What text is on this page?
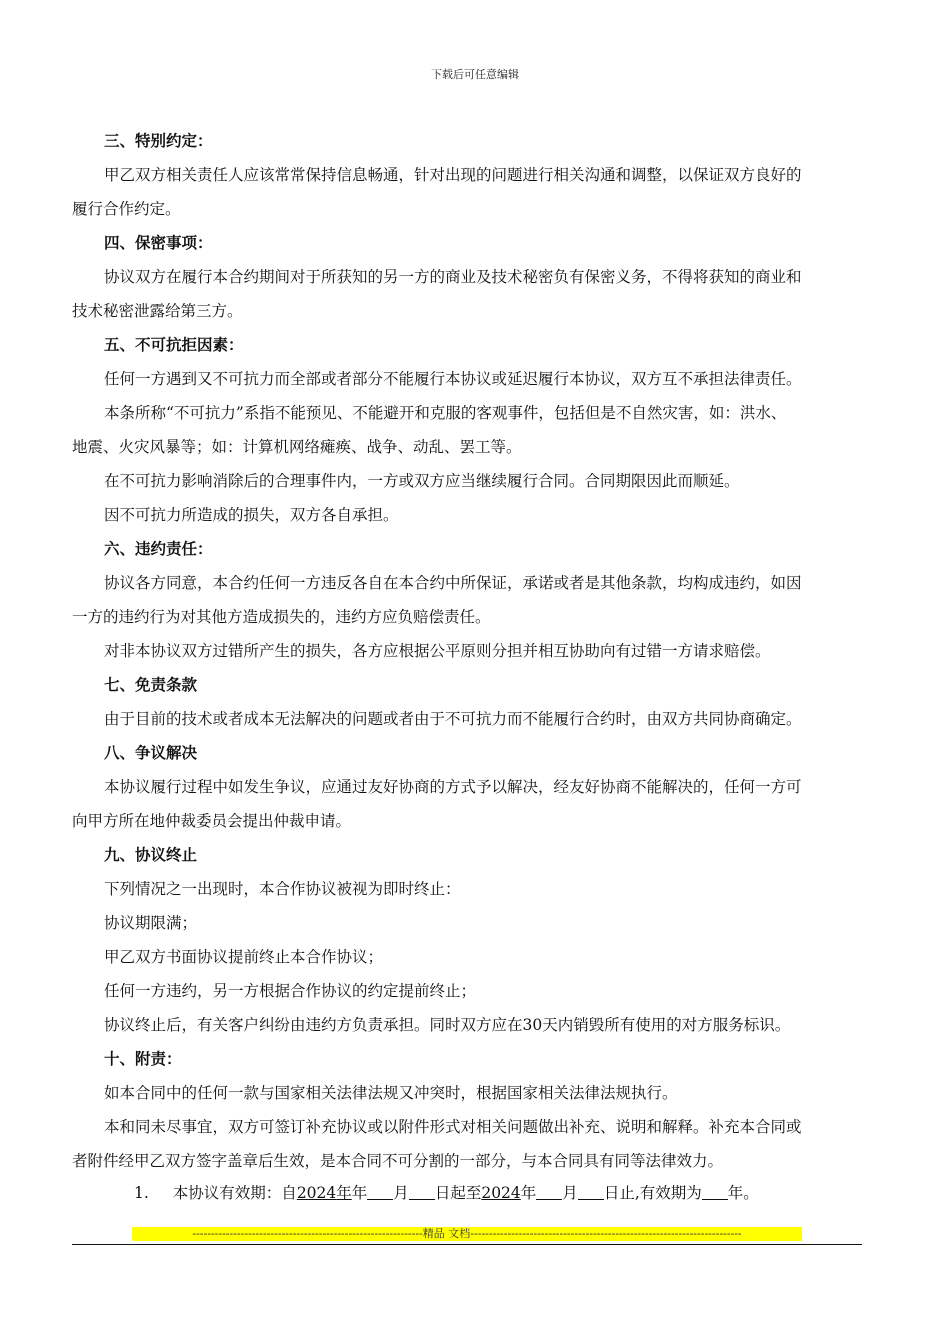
下载后可任意编辑
三、特别约定：
甲乙双方相关责任人应该常常保持信息畅通，针对出现的问题进行相关沟通和调整，以保证双方良好的
履行合作约定。
四、保密事项：
协议双方在履行本合约期间对于所获知的另一方的商业及技术秘密负有保密义务，不得将获知的商业和
技术秘密泄露给第三方。
五、不可抗拒因素：
任何一方遇到又不可抗力而全部或者部分不能履行本协议或延迟履行本协议，双方互不承担法律责任。
本条所称“不可抗力”系指不能预见、不能避开和克服的客观事件，包括但是不自然灾害，如：洪水、
地震、火灾风暴等；如：计算机网络瘫痪、战争、动乱、罢工等。
在不可抗力影响消除后的合理事件内，一方或双方应当继续履行合同。合同期限因此而顺延。
因不可抗力所造成的损失，双方各自承担。
六、违约责任：
协议各方同意，本合约任何一方违反各自在本合约中所保证，承诺或者是其他条款，均构成违约，如因
一方的违约行为对其他方造成损失的，违约方应负赔偿责任。
对非本协议双方过错所产生的损失，各方应根据公平原则分担并相互协助向有过错一方请求赔偿。
七、免责条款
由于目前的技术或者成本无法解决的问题或者由于不可抗力而不能履行合约时，由双方共同协商确定。
八、争议解决
本协议履行过程中如发生争议，应通过友好协商的方式予以解决，经友好协商不能解决的，任何一方可
向甲方所在地仲裁委员会提出仲裁申请。
九、协议终止
下列情况之一出现时，本合作协议被视为即时终止：
协议期限满；
甲乙双方书面协议提前终止本合作协议；
任何一方违约，另一方根据合作协议的约定提前终止；
协议终止后，有关客户纠纷由违约方负责承担。同时双方应在30天内销毁所有使用的对方服务标识。
十、附责：
如本合同中的任何一款与国家相关法律法规又冲突时，根据国家相关法律法规执行。
本和同未尽事宜，双方可签订补充协议或以附件形式对相关问题做出补充、说明和解释。补充本合同或
者附件经甲乙双方签字盖章后生效，是本合同不可分割的一部分，与本合同具有同等法律效力。
1. 本协议有效期：自2024年年 月 日起至2024年 月 日止,有效期为 年。
--------------------------------------------------------------精品 文档-------------------------------------------------------------------------
